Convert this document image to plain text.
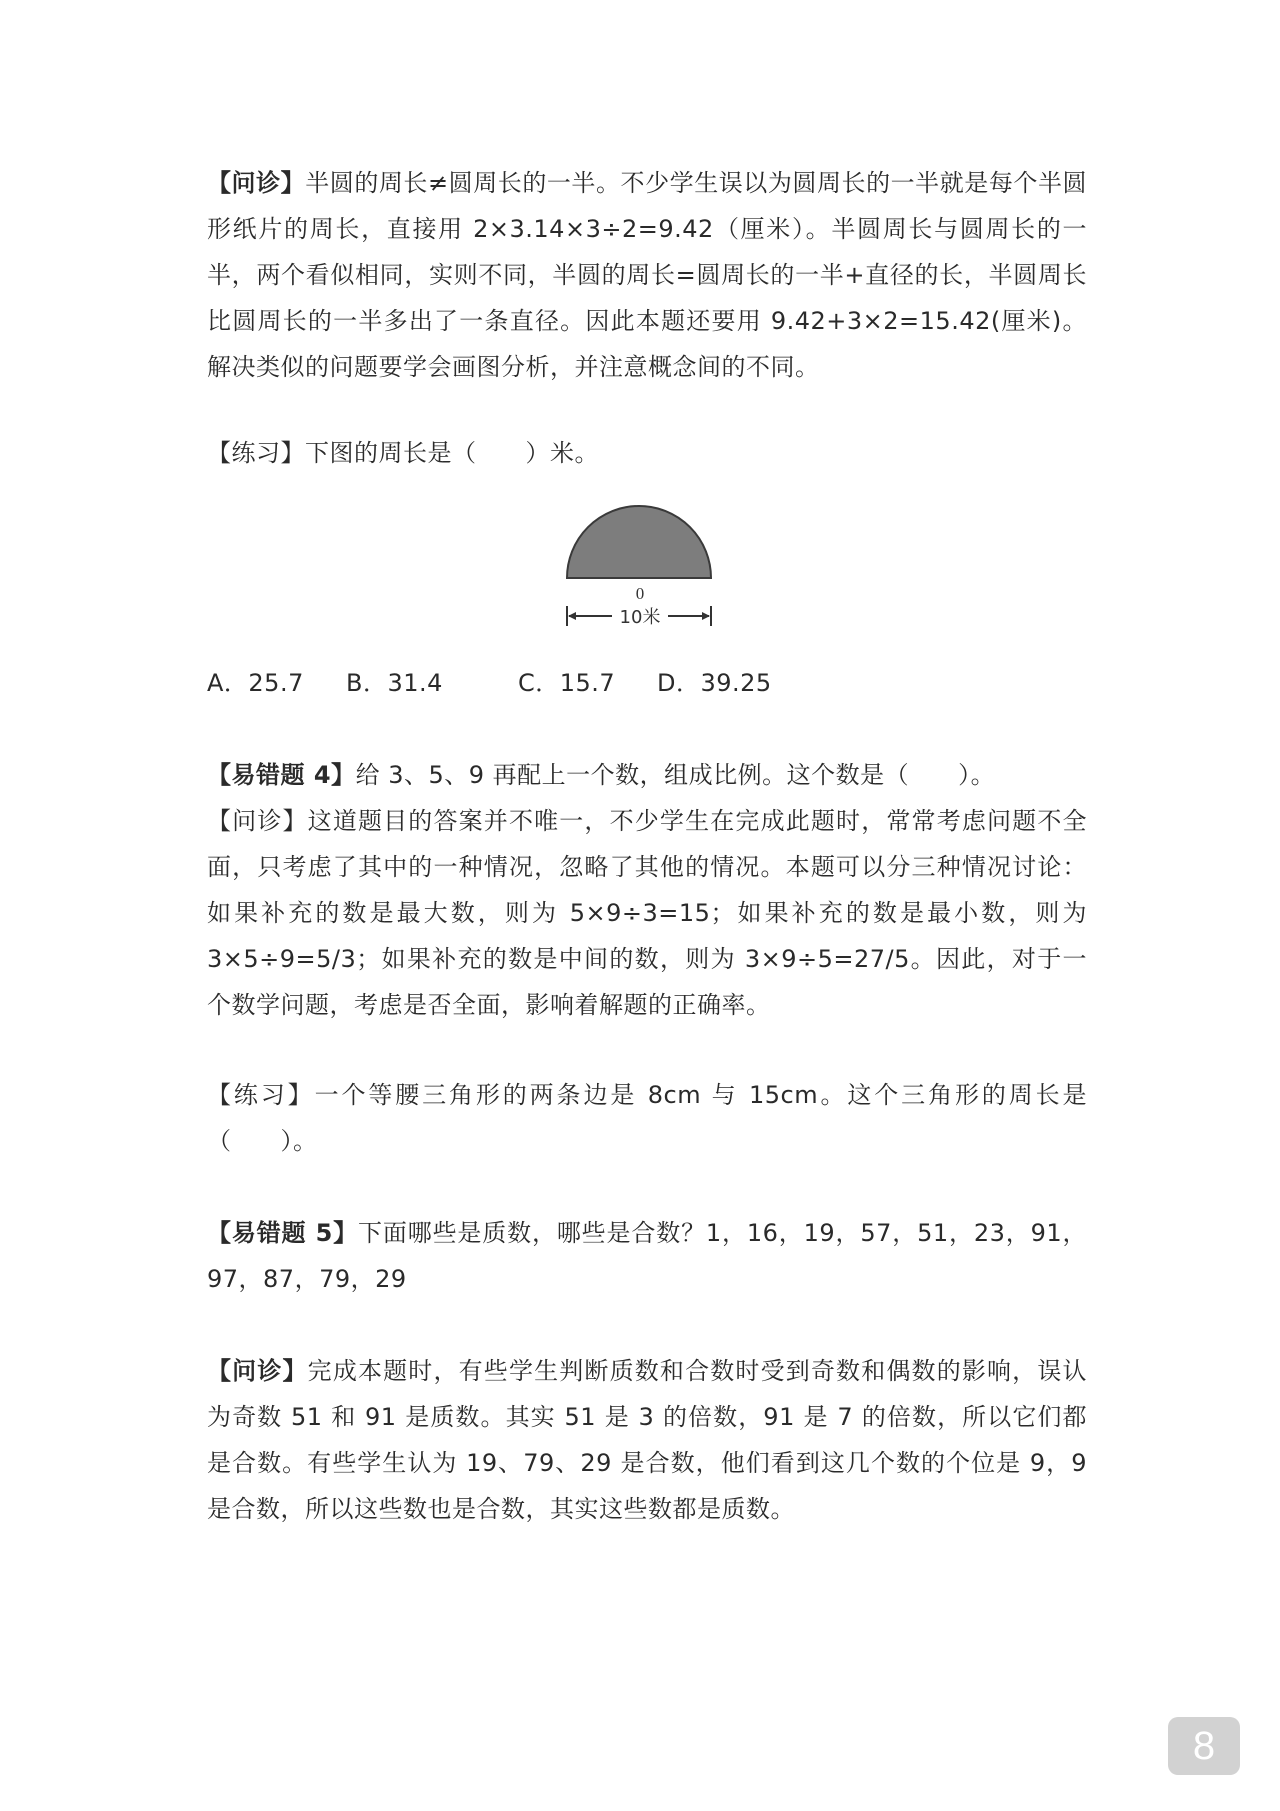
【问诊】半圆的周长≠圆周长的一半。不少学生误以为圆周长的一半就是每个半圆形纸片的周长，直接用 2×3.14×3÷2=9.42（厘米）。半圆周长与圆周长的一半，两个看似相同，实则不同，半圆的周长=圆周长的一半+直径的长，半圆周长比圆周长的一半多出了一条直径。因此本题还要用 9.42+3×2=15.42(厘米)。解决类似的问题要学会画图分析，并注意概念间的不同。

【练习】下图的周长是（　　）米。

0
10米
A．25.7 B．31.4	C．15.7 D．39.25

【易错题 4】给 3、5、9 再配上一个数，组成比例。这个数是（　　）。

【问诊】这道题目的答案并不唯一，不少学生在完成此题时，常常考虑问题不全面，只考虑了其中的一种情况，忽略了其他的情况。本题可以分三种情况讨论：如果补充的数是最大数，则为 5×9÷3=15；如果补充的数是最小数，则为 3×5÷9=5/3；如果补充的数是中间的数，则为 3×9÷5=27/5。因此，对于一个数学问题，考虑是否全面，影响着解题的正确率。

【练习】一个等腰三角形的两条边是 8cm 与 15cm。这个三角形的周长是（　　）。

【易错题 5】下面哪些是质数，哪些是合数？1，16，19，57，51，23，91，97，87，79，29

【问诊】完成本题时，有些学生判断质数和合数时受到奇数和偶数的影响，误认为奇数 51 和 91 是质数。其实 51 是 3 的倍数，91 是 7 的倍数，所以它们都是合数。有些学生认为 19、79、29 是合数，他们看到这几个数的个位是 9，9 是合数，所以这些数也是合数，其实这些数都是质数。

8
